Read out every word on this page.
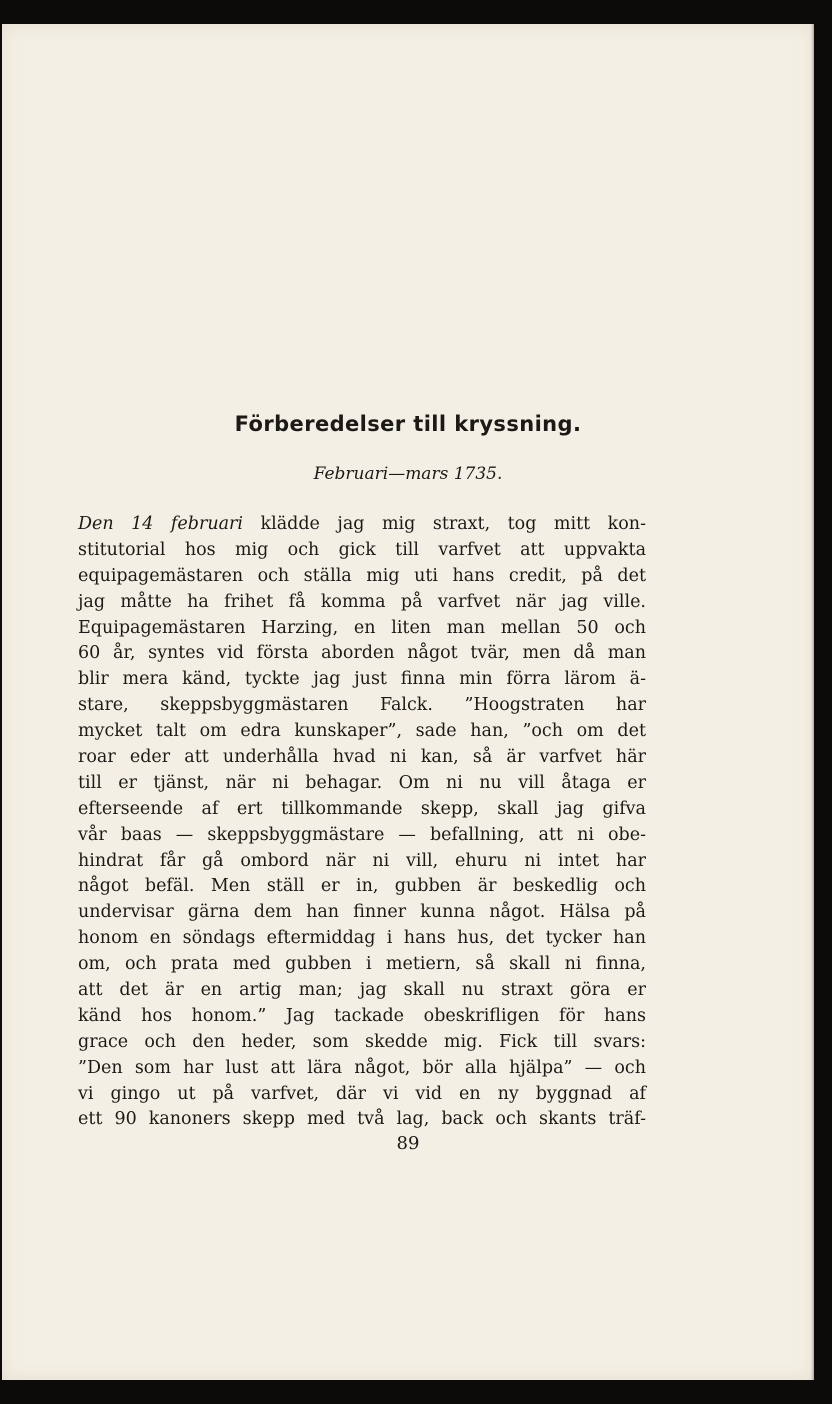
Förberedelser till kryssning.
Februari—mars 1735.
Den 14 februari klädde jag mig straxt, tog mitt kon-
stitutorial hos mig och gick till varfvet att uppvakta
equipagemästaren och ställa mig uti hans credit, på det
jag måtte ha frihet få komma på varfvet när jag ville.
Equipagemästaren Harzing, en liten man mellan 50 och
60 år, syntes vid första aborden något tvär, men då man
blir mera känd, tyckte jag just finna min förra lärom ä-
stare, skeppsbyggmästaren Falck. ”Hoogstraten har
mycket talt om edra kunskaper”, sade han, ”och om det
roar eder att underhålla hvad ni kan, så är varfvet här
till er tjänst, när ni behagar. Om ni nu vill åtaga er
efterseende af ert tillkommande skepp, skall jag gifva
vår baas — skeppsbyggmästare — befallning, att ni obe-
hindrat får gå ombord när ni vill, ehuru ni intet har
något befäl. Men ställ er in, gubben är beskedlig och
undervisar gärna dem han finner kunna något. Hälsa på
honom en söndags eftermiddag i hans hus, det tycker han
om, och prata med gubben i metiern, så skall ni finna,
att det är en artig man; jag skall nu straxt göra er
känd hos honom.” Jag tackade obeskrifligen för hans
grace och den heder, som skedde mig. Fick till svars:
”Den som har lust att lära något, bör alla hjälpa” — och
vi gingo ut på varfvet, där vi vid en ny byggnad af
ett 90 kanoners skepp med två lag, back och skants träf-
89
